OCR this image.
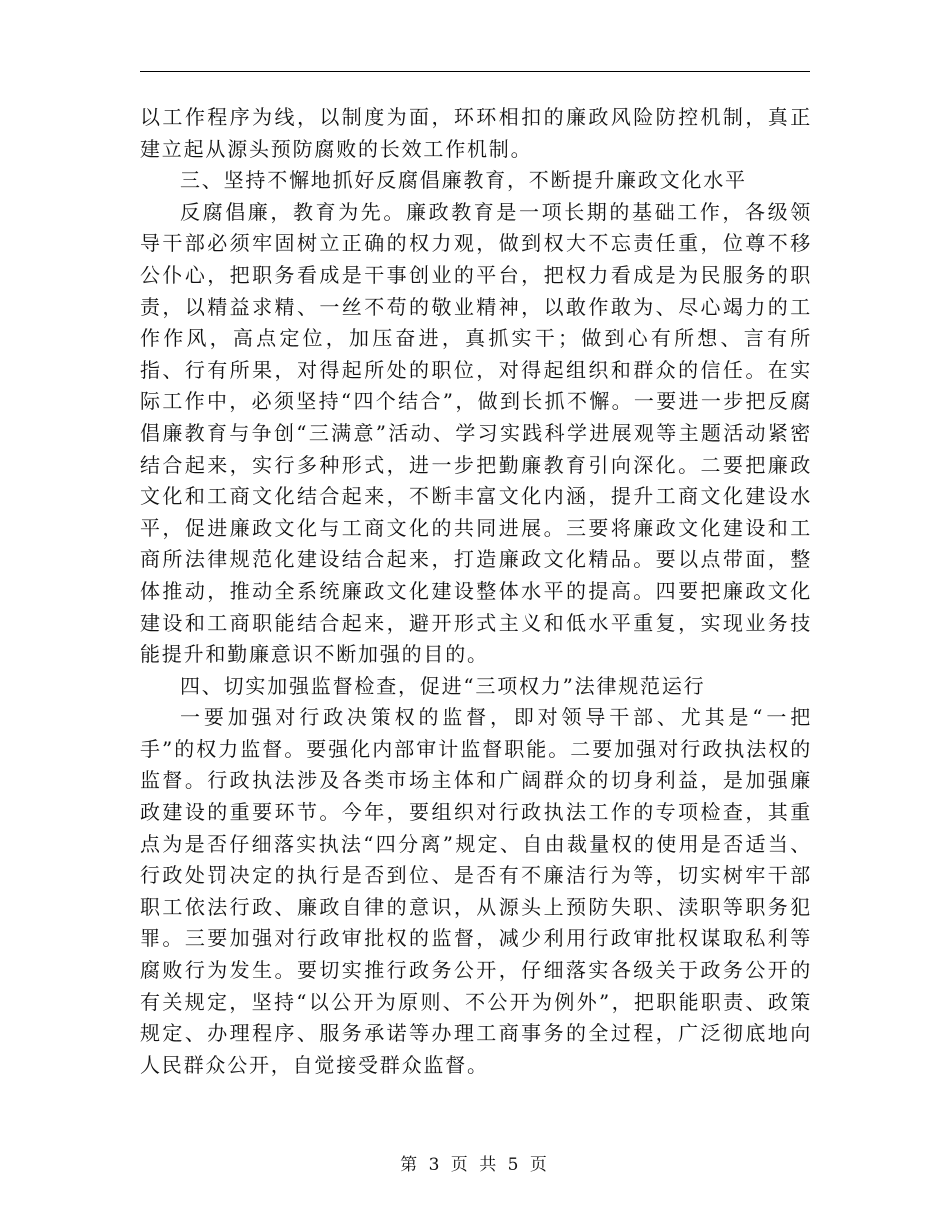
以工作程序为线，以制度为面，环环相扣的廉政风险防控机制，真正建立起从源头预防腐败的长效工作机制。

三、坚持不懈地抓好反腐倡廉教育，不断提升廉政文化水平

反腐倡廉，教育为先。廉政教育是一项长期的基础工作，各级领导干部必须牢固树立正确的权力观，做到权大不忘责任重，位尊不移公仆心，把职务看成是干事创业的平台，把权力看成是为民服务的职责，以精益求精、一丝不苟的敬业精神，以敢作敢为、尽心竭力的工作作风，高点定位，加压奋进，真抓实干；做到心有所想、言有所指、行有所果，对得起所处的职位，对得起组织和群众的信任。在实际工作中，必须坚持“四个结合”，做到长抓不懈。一要进一步把反腐倡廉教育与争创“三满意”活动、学习实践科学进展观等主题活动紧密结合起来，实行多种形式，进一步把勤廉教育引向深化。二要把廉政文化和工商文化结合起来，不断丰富文化内涵，提升工商文化建设水平，促进廉政文化与工商文化的共同进展。三要将廉政文化建设和工商所法律规范化建设结合起来，打造廉政文化精品。要以点带面，整体推动，推动全系统廉政文化建设整体水平的提高。四要把廉政文化建设和工商职能结合起来，避开形式主义和低水平重复，实现业务技能提升和勤廉意识不断加强的目的。

四、切实加强监督检查，促进“三项权力”法律规范运行

一要加强对行政决策权的监督，即对领导干部、尤其是“一把手”的权力监督。要强化内部审计监督职能。二要加强对行政执法权的监督。行政执法涉及各类市场主体和广阔群众的切身利益，是加强廉政建设的重要环节。今年，要组织对行政执法工作的专项检查，其重点为是否仔细落实执法“四分离”规定、自由裁量权的使用是否适当、行政处罚决定的执行是否到位、是否有不廉洁行为等，切实树牢干部职工依法行政、廉政自律的意识，从源头上预防失职、渎职等职务犯罪。三要加强对行政审批权的监督，减少利用行政审批权谋取私利等腐败行为发生。要切实推行政务公开，仔细落实各级关于政务公开的有关规定，坚持“以公开为原则、不公开为例外”，把职能职责、政策规定、办理程序、服务承诺等办理工商事务的全过程，广泛彻底地向人民群众公开，自觉接受群众监督。

第 3 页 共 5 页
